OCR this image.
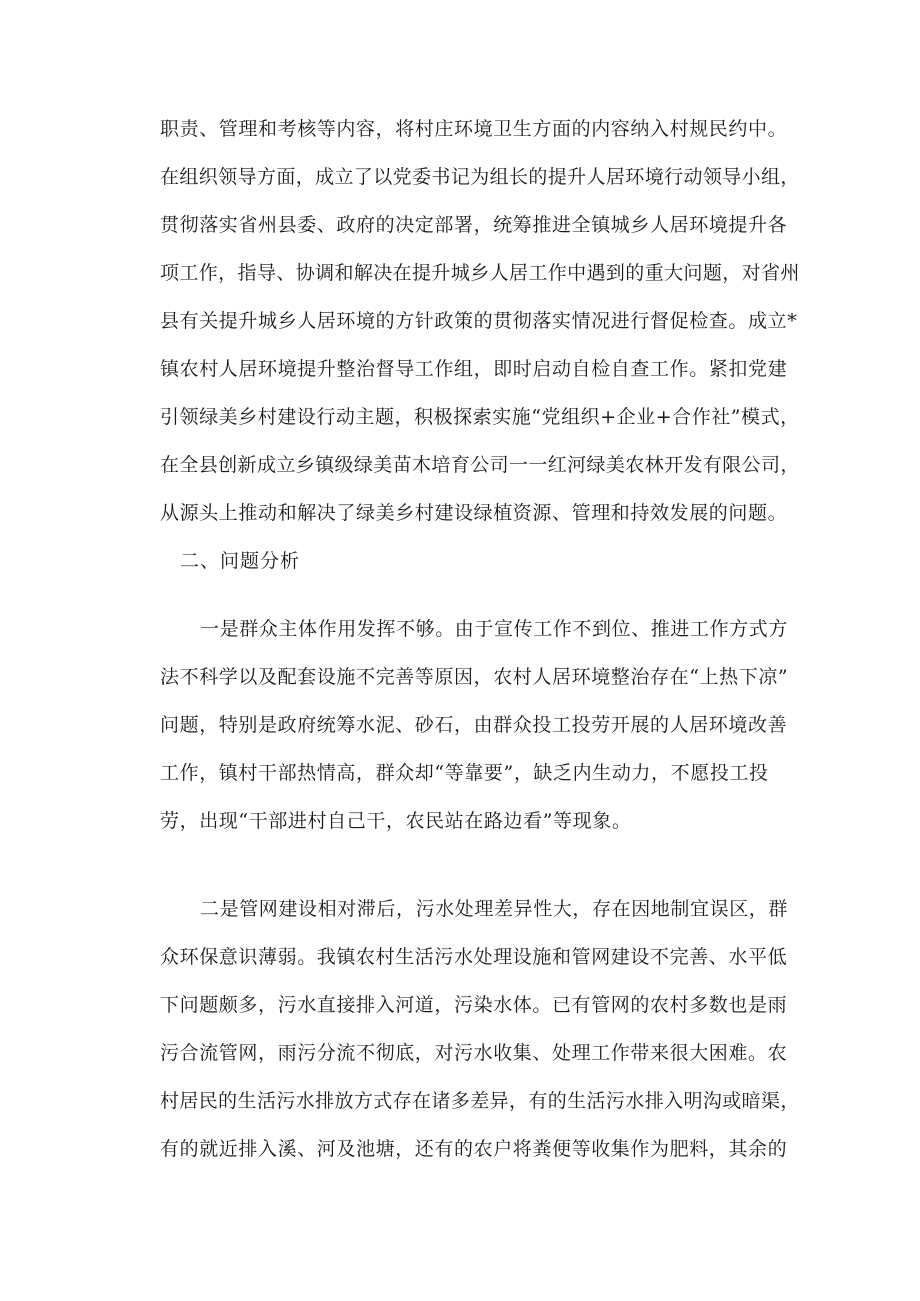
职责、管理和考核等内容，将村庄环境卫生方面的内容纳入村规民约中。
在组织领导方面，成立了以党委书记为组长的提升人居环境行动领导小组，
贯彻落实省州县委、政府的决定部署，统筹推进全镇城乡人居环境提升各
项工作，指导、协调和解决在提升城乡人居工作中遇到的重大问题，对省州
县有关提升城乡人居环境的方针政策的贯彻落实情况进行督促检查。成立*
镇农村人居环境提升整治督导工作组，即时启动自检自查工作。紧扣党建
引领绿美乡村建设行动主题，积极探索实施“党组织+企业+合作社”模式，
在全县创新成立乡镇级绿美苗木培育公司一一红河绿美农林开发有限公司，
从源头上推动和解决了绿美乡村建设绿植资源、管理和持效发展的问题。
二、问题分析
一是群众主体作用发挥不够。由于宣传工作不到位、推进工作方式方
法不科学以及配套设施不完善等原因，农村人居环境整治存在“上热下凉”
问题，特别是政府统筹水泥、砂石，由群众投工投劳开展的人居环境改善
工作，镇村干部热情高，群众却“等靠要”，缺乏内生动力，不愿投工投
劳，出现“干部进村自己干，农民站在路边看”等现象。
二是管网建设相对滞后，污水处理差异性大，存在因地制宜误区，群
众环保意识薄弱。我镇农村生活污水处理设施和管网建设不完善、水平低
下问题颇多，污水直接排入河道，污染水体。已有管网的农村多数也是雨
污合流管网，雨污分流不彻底，对污水收集、处理工作带来很大困难。农
村居民的生活污水排放方式存在诸多差异，有的生活污水排入明沟或暗渠，
有的就近排入溪、河及池塘，还有的农户将粪便等收集作为肥料，其余的
